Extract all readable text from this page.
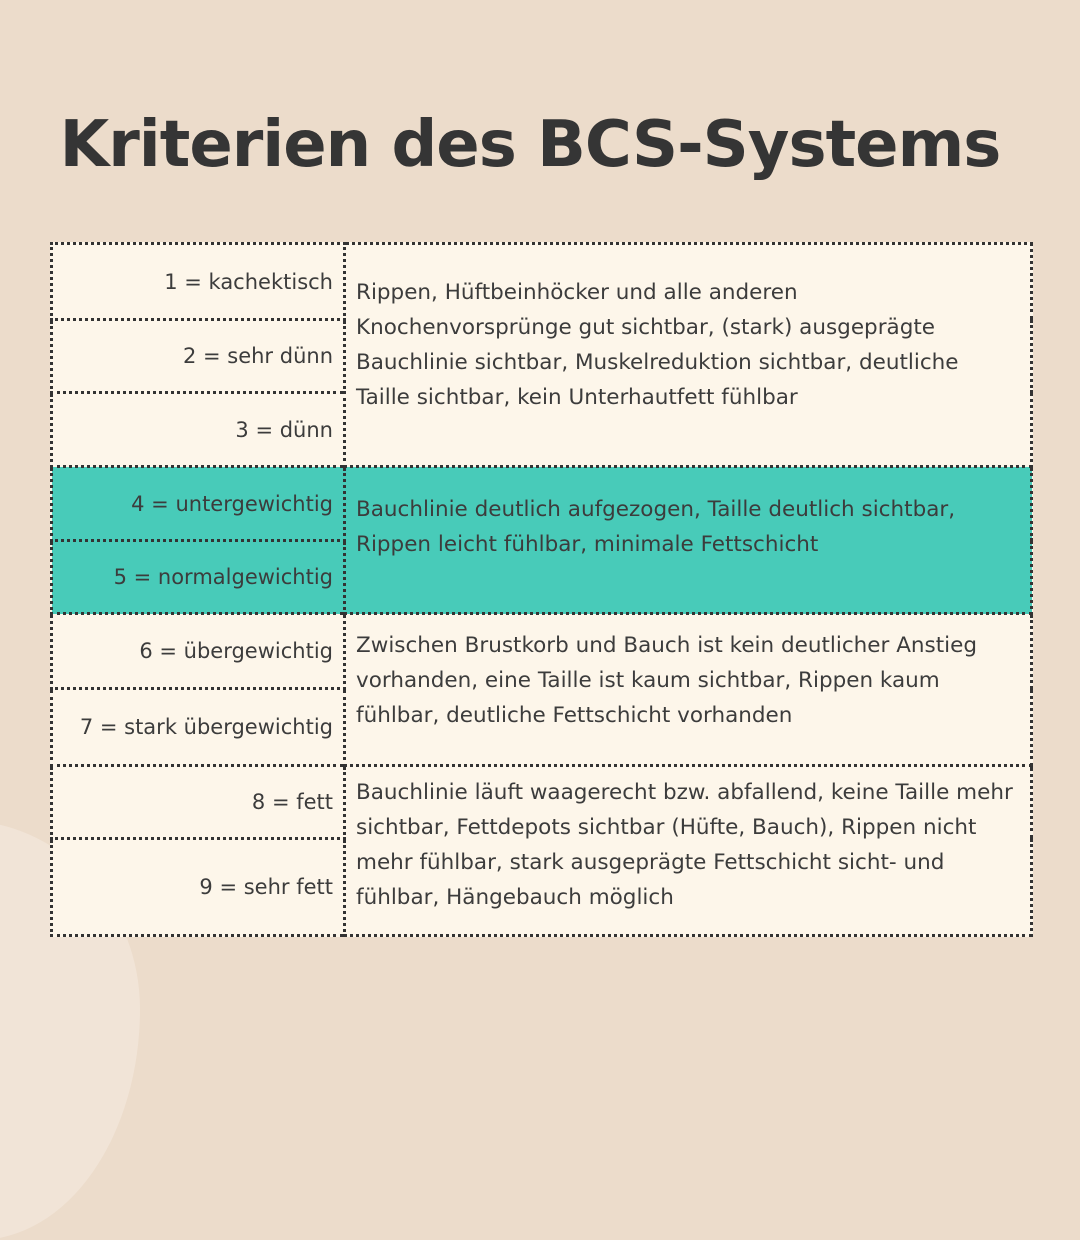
Kriterien des BCS-Systems
1 = kachektisch	Rippen, Hüftbeinhöcker und alle anderen Knochenvorsprünge gut sichtbar, (stark) ausgeprägte Bauchlinie sichtbar, Muskelreduktion sichtbar, deutliche Taille sichtbar, kein Unterhautfett fühlbar

2 = sehr dünn	
3 = dünn	
4 = untergewichtig	Bauchlinie deutlich aufgezogen, Taille deutlich sichtbar, Rippen leicht fühlbar, minimale Fettschicht

5 = normalgewichtig	
6 = übergewichtig	Zwischen Brustkorb und Bauch ist kein deutlicher Anstieg vorhanden, eine Taille ist kaum sichtbar, Rippen kaum fühlbar, deutliche Fettschicht vorhanden

7 = stark übergewichtig	
8 = fett	Bauchlinie läuft waagerecht bzw. abfallend, keine Taille mehr sichtbar, Fettdepots sichtbar (Hüfte, Bauch), Rippen nicht mehr fühlbar, stark ausgeprägte Fettschicht sicht- und fühlbar, Hängebauch möglich

9 = sehr fett	
